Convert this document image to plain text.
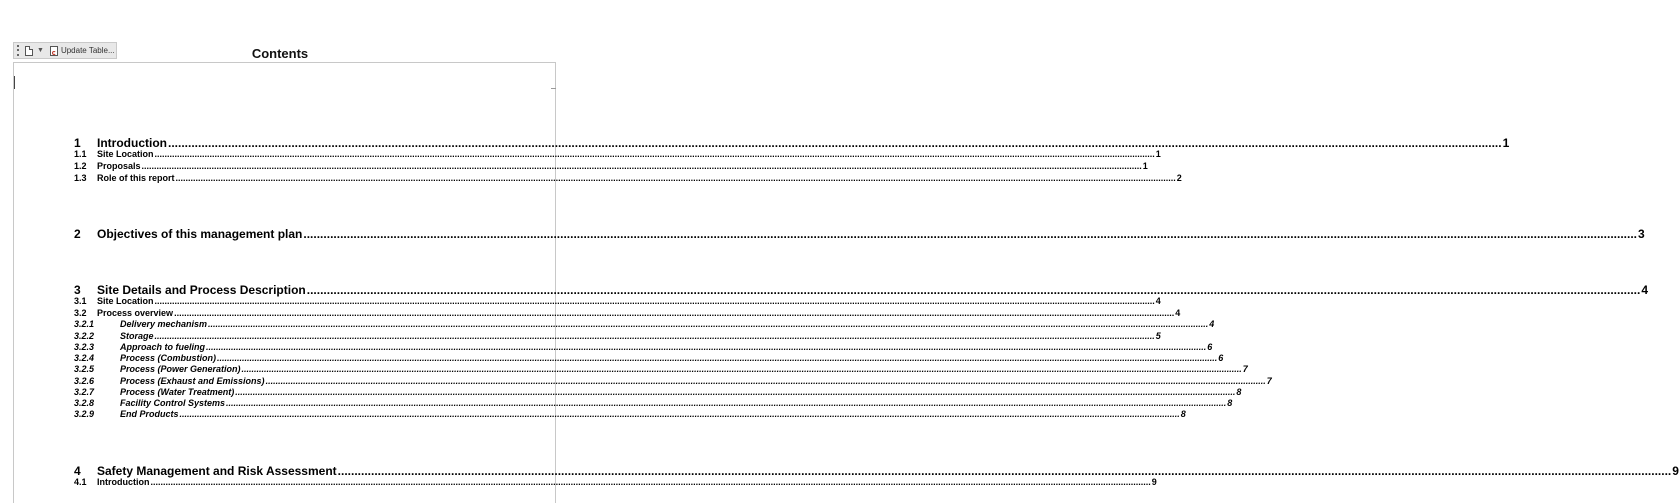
▼ Update Table...	Contents
1	Introduction ................................................................................................................................................................................................................................................................................................................................................................................................................ 1
1.1	Site Location ................................................................................................................................................................................................................................................................................................................................................................................................................ 1
1.2	Proposals ................................................................................................................................................................................................................................................................................................................................................................................................................ 1
1.3	Role of this report ................................................................................................................................................................................................................................................................................................................................................................................................................ 2
2	Objectives of this management plan ................................................................................................................................................................................................................................................................................................................................................................................................................ 3
3	Site Details and Process Description ................................................................................................................................................................................................................................................................................................................................................................................................................ 4
3.1	Site Location ................................................................................................................................................................................................................................................................................................................................................................................................................ 4
3.2	Process overview ................................................................................................................................................................................................................................................................................................................................................................................................................ 4
3.2.1	Delivery mechanism ................................................................................................................................................................................................................................................................................................................................................................................................................ 4
3.2.2	Storage ................................................................................................................................................................................................................................................................................................................................................................................................................ 5
3.2.3	Approach to fueling ................................................................................................................................................................................................................................................................................................................................................................................................................ 6
3.2.4	Process (Combustion) ................................................................................................................................................................................................................................................................................................................................................................................................................ 6
3.2.5	Process (Power Generation) ................................................................................................................................................................................................................................................................................................................................................................................................................ 7
3.2.6	Process (Exhaust and Emissions) ................................................................................................................................................................................................................................................................................................................................................................................................................ 7
3.2.7	Process (Water Treatment) ................................................................................................................................................................................................................................................................................................................................................................................................................ 8
3.2.8	Facility Control Systems ................................................................................................................................................................................................................................................................................................................................................................................................................ 8
3.2.9	End Products ................................................................................................................................................................................................................................................................................................................................................................................................................ 8
4	Safety Management and Risk Assessment ................................................................................................................................................................................................................................................................................................................................................................................................................ 9
4.1	Introduction ................................................................................................................................................................................................................................................................................................................................................................................................................ 9
